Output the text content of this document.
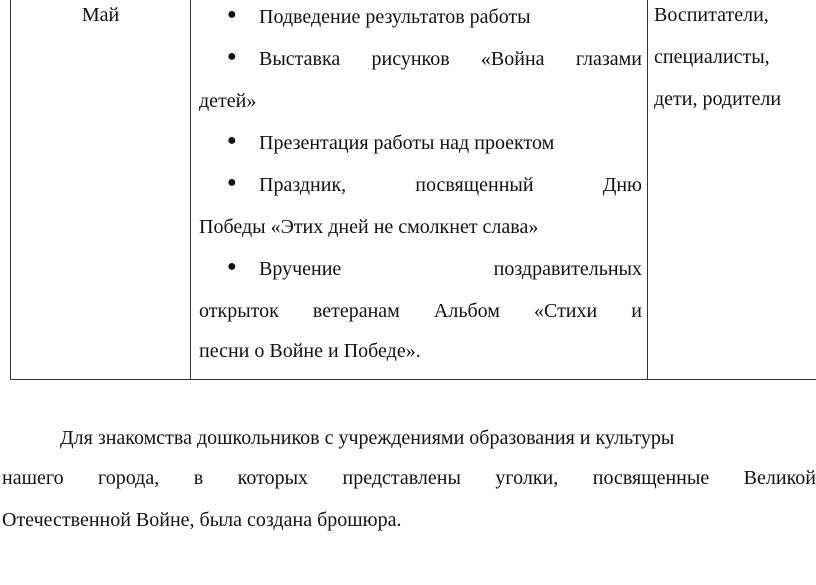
Май	● Подведение результатов работы
● Выставка рисунков «Война глазами
детей»
● Презентация работы над проектом
● Праздник, посвященный Дню
Победы «Этих дней не смолкнет слава»
● Вручение поздравительных
открыток ветеранам Альбом «Стихи и
песни о Войне и Победе».
Воспитатели,
специалисты,
дети, родители
Для знакомства дошкольников с учреждениями образования и культуры
нашего города, в которых представлены уголки, посвященные Великой
Отечественной Войне, была создана брошюра.
